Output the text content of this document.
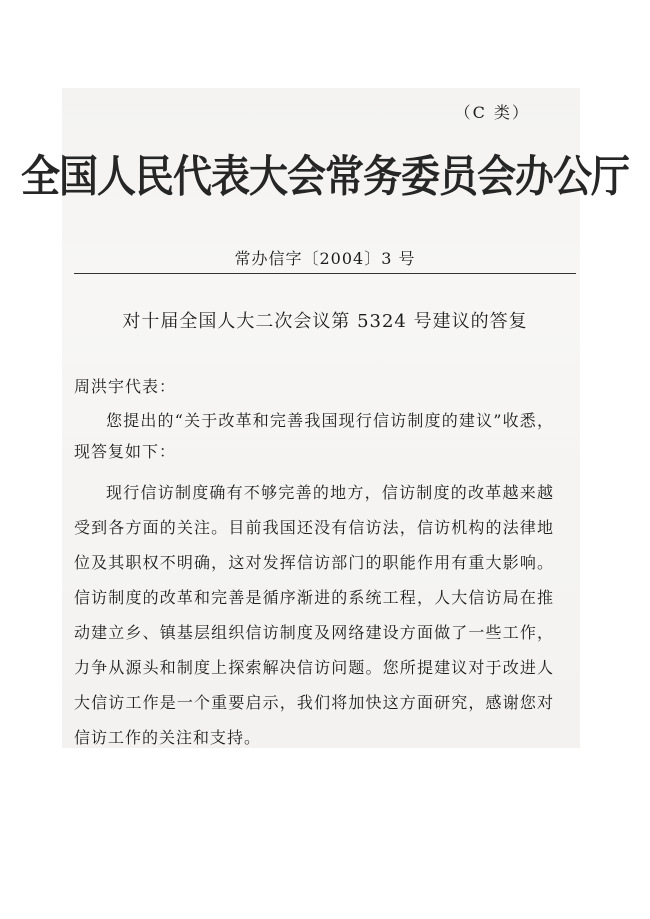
（C 类）
全国人民代表大会常务委员会办公厅
常办信字〔2004〕3 号
对十届全国人大二次会议第 5324 号建议的答复
周洪宇代表：
您提出的“关于改革和完善我国现行信访制度的建议”收悉，现答复如下：
现行信访制度确有不够完善的地方，信访制度的改革越来越受到各方面的关注。目前我国还没有信访法，信访机构的法律地位及其职权不明确，这对发挥信访部门的职能作用有重大影响。信访制度的改革和完善是循序渐进的系统工程，人大信访局在推动建立乡、镇基层组织信访制度及网络建设方面做了一些工作，力争从源头和制度上探索解决信访问题。您所提建议对于改进人大信访工作是一个重要启示，我们将加快这方面研究，感谢您对信访工作的关注和支持。
